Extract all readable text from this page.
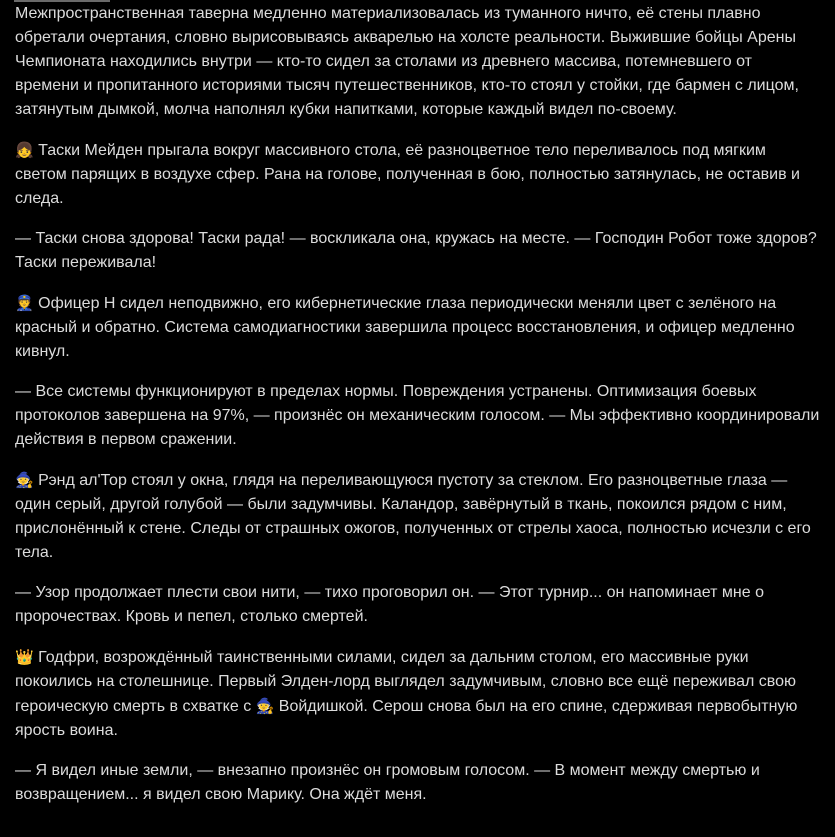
Межпространственная таверна медленно материализовалась из туманного ничто, её стены плавно обретали очертания, словно вырисовываясь акварелью на холсте реальности. Выжившие бойцы Арены Чемпионата находились внутри — кто-то сидел за столами из древнего массива, потемневшего от времени и пропитанного историями тысяч путешественников, кто-то стоял у стойки, где бармен с лицом, затянутым дымкой, молча наполнял кубки напитками, которые каждый видел по-своему.

👧 Таски Мейден прыгала вокруг массивного стола, её разноцветное тело переливалось под мягким светом парящих в воздухе сфер. Рана на голове, полученная в бою, полностью затянулась, не оставив и следа.

— Таски снова здорова! Таски рада! — воскликала она, кружась на месте. — Господин Робот тоже здоров? Таски переживала!

👮 Офицер Н сидел неподвижно, его кибернетические глаза периодически меняли цвет с зелёного на красный и обратно. Система самодиагностики завершила процесс восстановления, и офицер медленно кивнул.

— Все системы функционируют в пределах нормы. Повреждения устранены. Оптимизация боевых протоколов завершена на 97%, — произнёс он механическим голосом. — Мы эффективно координировали действия в первом сражении.

🧙 Рэнд ал'Тор стоял у окна, глядя на переливающуюся пустоту за стеклом. Его разноцветные глаза — один серый, другой голубой — были задумчивы. Каландор, завёрнутый в ткань, покоился рядом с ним, прислонённый к стене. Следы от страшных ожогов, полученных от стрелы хаоса, полностью исчезли с его тела.

— Узор продолжает плести свои нити, — тихо проговорил он. — Этот турнир... он напоминает мне о пророчествах. Кровь и пепел, столько смертей.

👑 Годфри, возрождённый таинственными силами, сидел за дальним столом, его массивные руки покоились на столешнице. Первый Элден-лорд выглядел задумчивым, словно все ещё переживал свою героическую смерть в схватке с 🧙 Войдишкой. Серош снова был на его спине, сдерживая первобытную ярость воина.

— Я видел иные земли, — внезапно произнёс он громовым голосом. — В момент между смертью и возвращением... я видел свою Марику. Она ждёт меня.
